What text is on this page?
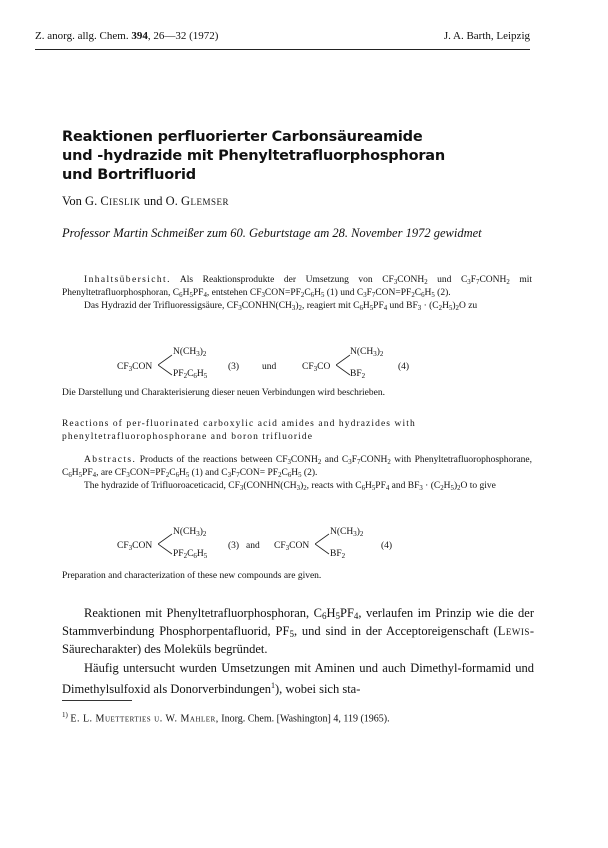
Z. anorg. allg. Chem. 394, 26—32 (1972)	J. A. Barth, Leipzig
Reaktionen perfluorierter Carbonsäureamide
und -hydrazide mit Phenyltetrafluorphosphoran
und Bortrifluorid
Von G. Cieslik und O. Glemser
Professor Martin Schmeißer zum 60. Geburtstage am 28. November 1972 gewidmet
Inhaltsübersicht. Als Reaktionsprodukte der Umsetzung von $CF_3CONH_2$ und $C_3F_7CONH_2$ mit Phenyltetrafluorphosphoran, $C_6H_5PF_4$, entstehen $CF_3CON=PF_2C_6H_5$ (1) und $C_3F_7CON=PF_2C_6H_5$ (2).
Das Hydrazid der Trifluoressigsäure, $CF_3CONHN(CH_3)_2$, reagiert mit $C_6H_5PF_4$ und $BF_3 \cdot (C_2H_5)_2O$ zu
$CF_3CON$
$N(CH_3)_2$
$PF_2C_6H_5$
(3) und	$CF_3CO$
$N(CH_3)_2$
$BF_2$
(4)
Die Darstellung und Charakterisierung dieser neuen Verbindungen wird beschrieben.
Reactions of per-fluorinated carboxylic acid amides and hydrazides with
phenyltetrafluorophosphorane and boron trifluoride
Abstracts. Products of the reactions between $CF_3CONH_2$ and $C_3F_7CONH_2$ with Phenyltetrafluorophosphorane, $C_6H_5PF_4$, are $CF_3CON=PF_2C_6H_5$ (1) and $C_3F_7CON= PF_2C_6H_5$ (2).
The hydrazide of Trifluoroaceticacid, $CF_3(CONHN(CH_3)_2$, reacts with $C_6H_5PF_4$ and $BF_3 \cdot (C_2H_5)_2O$ to give
$CF_3CON$
$N(CH_3)_2$
$PF_2C_6H_5$
(3) and $CF_3CON$
$N(CH_3)_2$
$BF_2$
(4)
Preparation and characterization of these new compounds are given.
Reaktionen mit Phenyltetrafluorphosphoran, $C_6H_5PF_4$, verlaufen im Prinzip wie die der Stammverbindung Phosphorpentafluorid, $PF_5$, und sind in der Acceptoreigenschaft (Lewis-Säurecharakter) des Moleküls begründet.
Häufig untersucht wurden Umsetzungen mit Aminen und auch Dimethyl-formamid und Dimethylsulfoxid als Donorverbindungen$^1$), wobei sich sta-
$^{1)}$ E. L. Muetterties u. W. Mahler, Inorg. Chem. [Washington] 4, 119 (1965).
